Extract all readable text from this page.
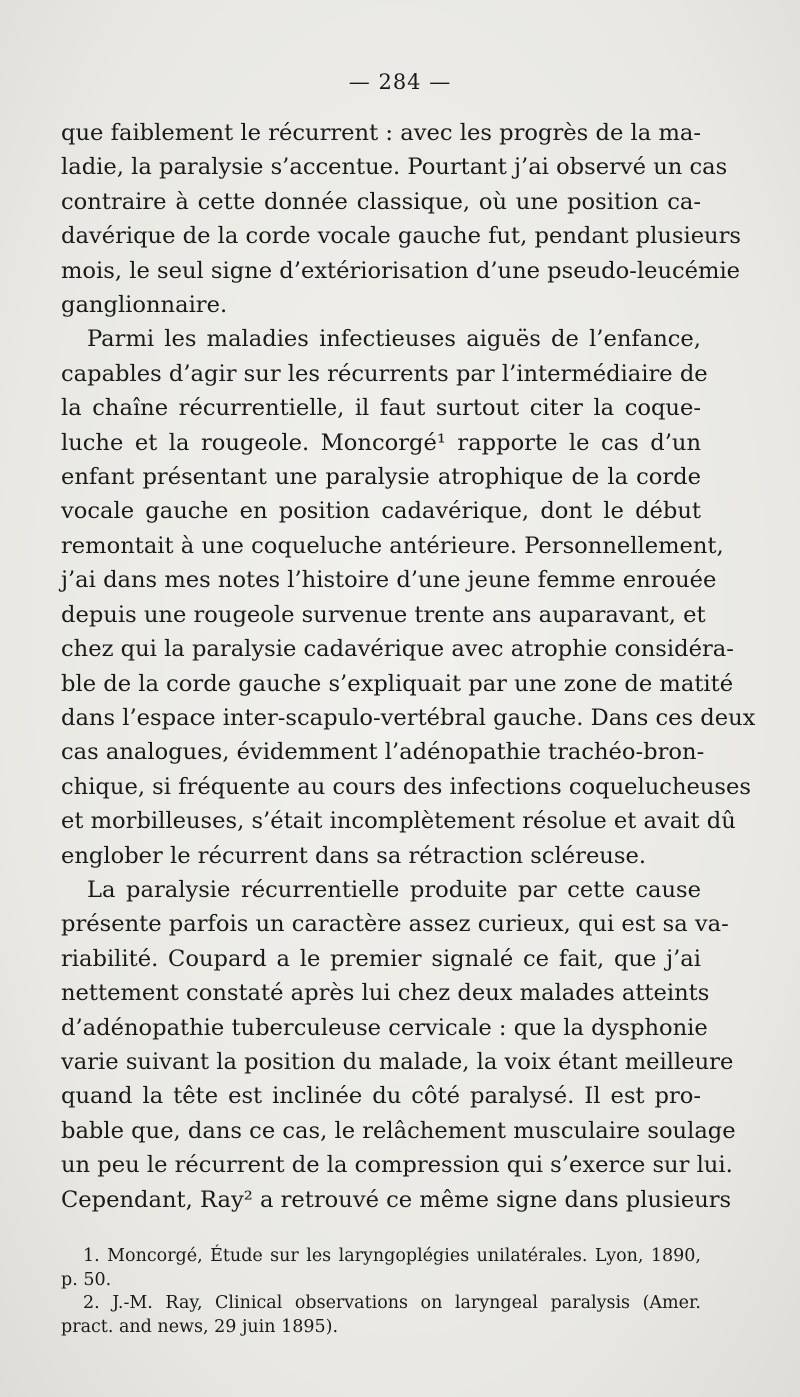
— 284 —
que faiblement le récurrent : avec les progrès de la ma-
ladie, la paralysie s’accentue. Pourtant j’ai observé un cas
contraire à cette donnée classique, où une position ca-
davérique de la corde vocale gauche fut, pendant plusieurs
mois, le seul signe d’extériorisation d’une pseudo-leucémie
ganglionnaire.
Parmi les maladies infectieuses aiguës de l’enfance,
capables d’agir sur les récurrents par l’intermédiaire de
la chaîne récurrentielle, il faut surtout citer la coque-
luche et la rougeole. Moncorgé¹ rapporte le cas d’un
enfant présentant une paralysie atrophique de la corde
vocale gauche en position cadavérique, dont le début
remontait à une coqueluche antérieure. Personnellement,
j’ai dans mes notes l’histoire d’une jeune femme enrouée
depuis une rougeole survenue trente ans auparavant, et
chez qui la paralysie cadavérique avec atrophie considéra-
ble de la corde gauche s’expliquait par une zone de matité
dans l’espace inter-scapulo-vertébral gauche. Dans ces deux
cas analogues, évidemment l’adénopathie trachéo-bron-
chique, si fréquente au cours des infections coquelucheuses
et morbilleuses, s’était incomplètement résolue et avait dû
englober le récurrent dans sa rétraction scléreuse.
La paralysie récurrentielle produite par cette cause
présente parfois un caractère assez curieux, qui est sa va-
riabilité. Coupard a le premier signalé ce fait, que j’ai
nettement constaté après lui chez deux malades atteints
d’adénopathie tuberculeuse cervicale : que la dysphonie
varie suivant la position du malade, la voix étant meilleure
quand la tête est inclinée du côté paralysé. Il est pro-
bable que, dans ce cas, le relâchement musculaire soulage
un peu le récurrent de la compression qui s’exerce sur lui.
Cependant, Ray² a retrouvé ce même signe dans plusieurs
1. Moncorgé, Étude sur les laryngoplégies unilatérales. Lyon, 1890,
p. 50.
2. J.-M. Ray, Clinical observations on laryngeal paralysis (Amer.
pract. and news, 29 juin 1895).
